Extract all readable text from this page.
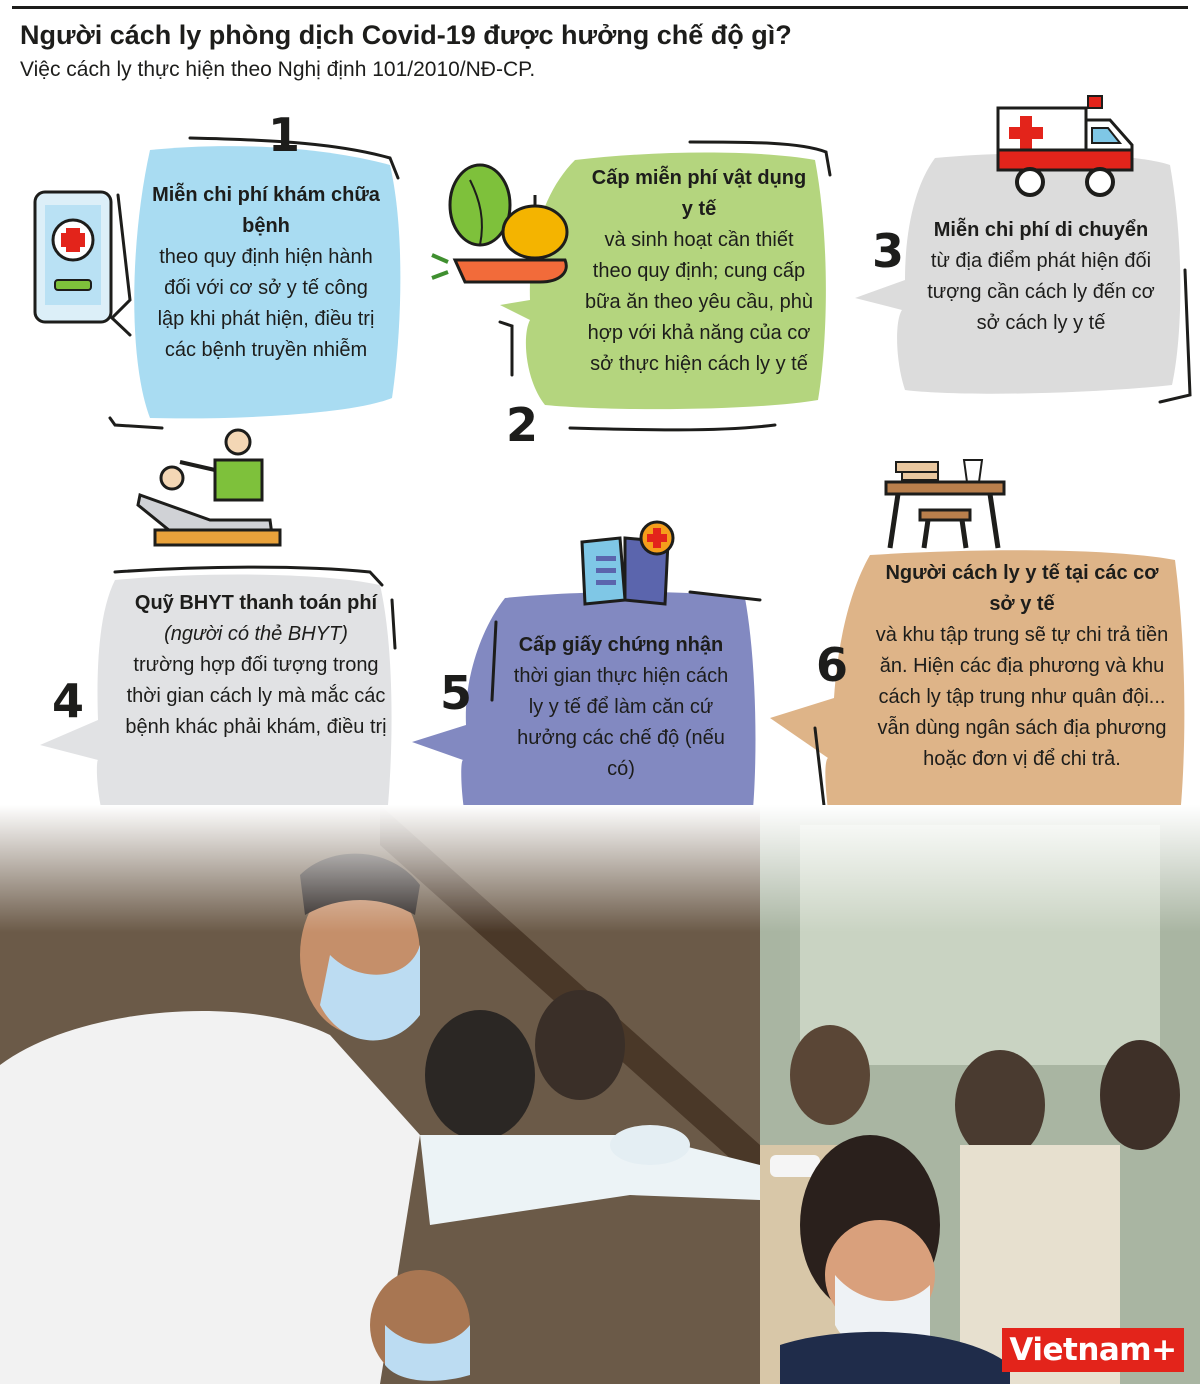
Người cách ly phòng dịch Covid-19 được hưởng chế độ gì?
Việc cách ly thực hiện theo Nghị định 101/2010/NĐ-CP.
1
2
3
4	5
6
Miễn chi phí khám chữa bệnh
theo quy định hiện hành đối với cơ sở y tế công lập khi phát hiện, điều trị các bệnh truyền nhiễm
Cấp miễn phí vật dụng y tế
và sinh hoạt cần thiết theo quy định; cung cấp bữa ăn theo yêu cầu, phù hợp với khả năng của cơ sở thực hiện cách ly y tế
Miễn chi phí di chuyển
từ địa điểm phát hiện đối tượng cần cách ly đến cơ sở cách ly y tế
Quỹ BHYT thanh toán phí
(người có thẻ BHYT)
trường hợp đối tượng trong thời gian cách ly mà mắc các bệnh khác phải khám, điều trị
Cấp giấy chứng nhận
thời gian thực hiện cách ly y tế để làm căn cứ hưởng các chế độ (nếu có)
Người cách ly y tế tại các cơ sở y tế
và khu tập trung sẽ tự chi trả tiền ăn. Hiện các địa phương và khu cách ly tập trung như quân đội... vẫn dùng ngân sách địa phương hoặc đơn vị để chi trả.
Vietnam+
